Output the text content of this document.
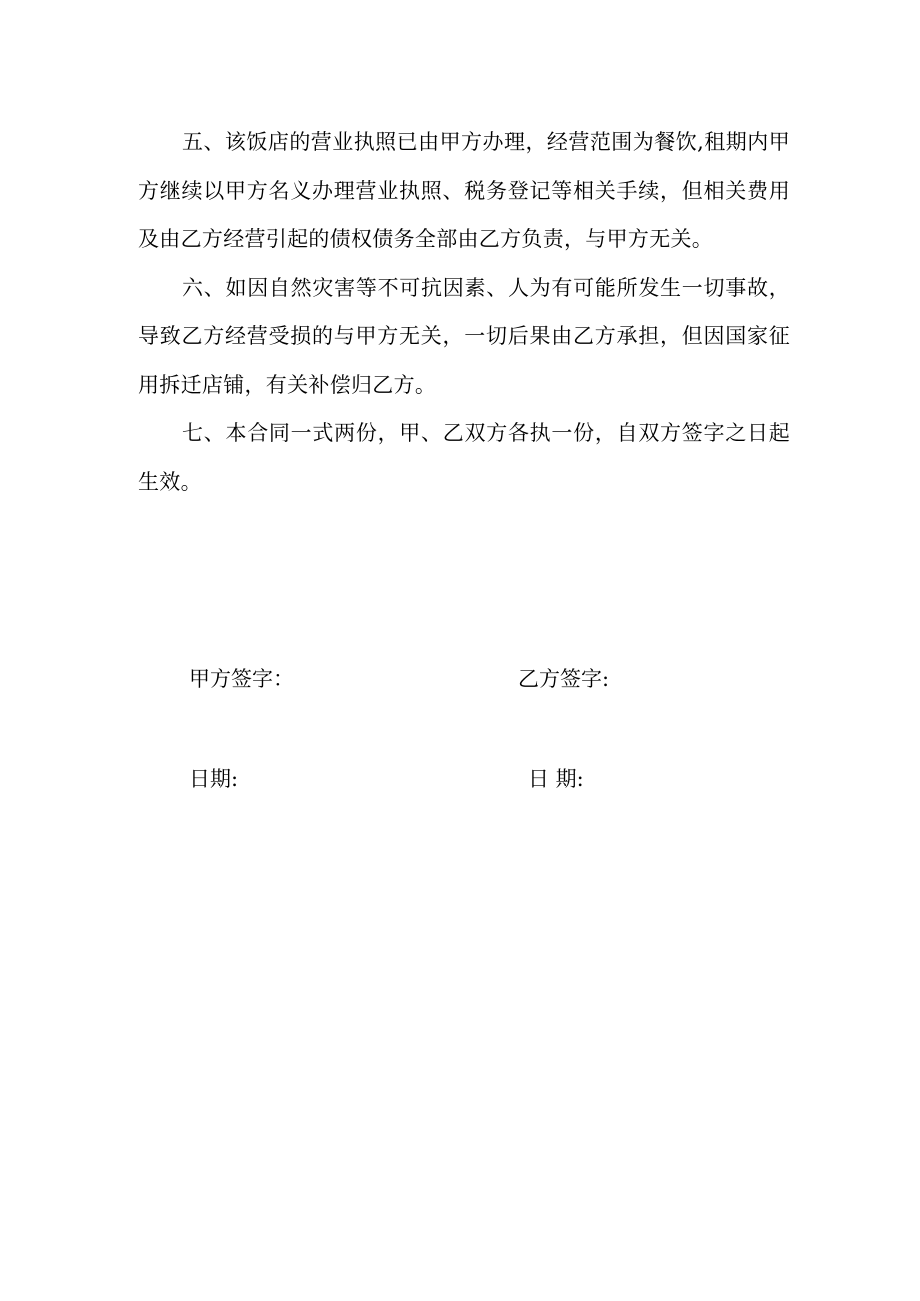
五、该饭店的营业执照已由甲方办理，经营范围为餐饮,租期内甲方继续以甲方名义办理营业执照、税务登记等相关手续，但相关费用及由乙方经营引起的债权债务全部由乙方负责，与甲方无关。

六、如因自然灾害等不可抗因素、人为有可能所发生一切事故，导致乙方经营受损的与甲方无关，一切后果由乙方承担，但因国家征用拆迁店铺，有关补偿归乙方。

七、本合同一式两份，甲、乙双方各执一份，自双方签字之日起生效。

甲方签字：	乙方签字:
日期:	日 期:
